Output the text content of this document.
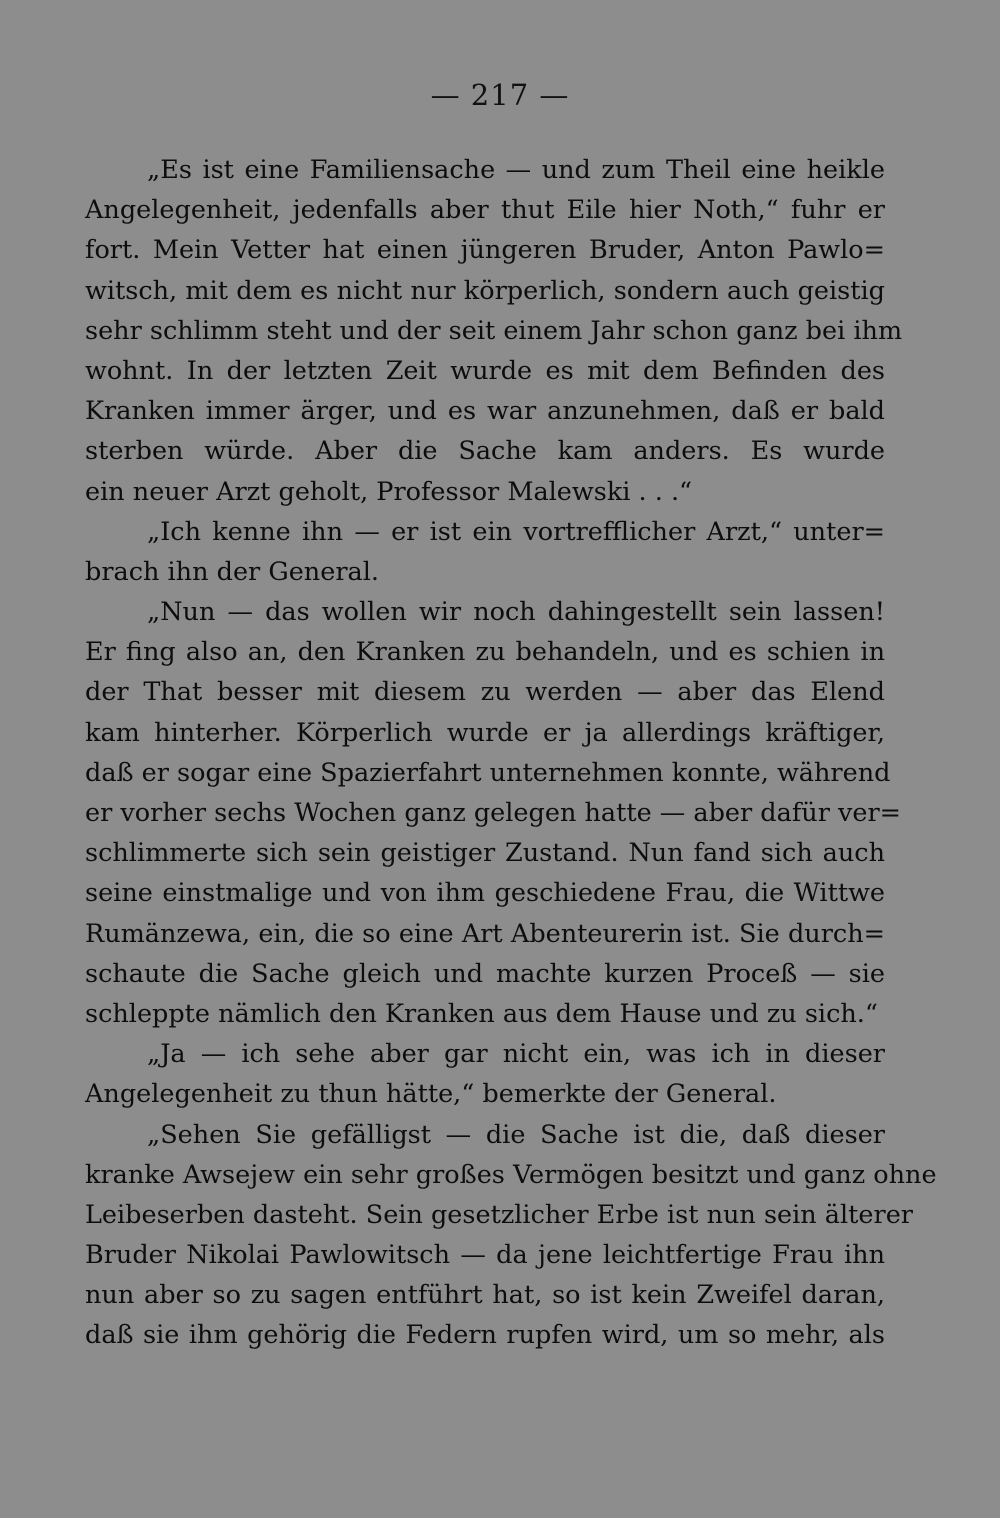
— 217 —
„Es ist eine Familiensache — und zum Theil eine heikle
Angelegenheit, jedenfalls aber thut Eile hier Noth,“ fuhr er
fort. Mein Vetter hat einen jüngeren Bruder, Anton Pawlo=
witsch, mit dem es nicht nur körperlich, sondern auch geistig
sehr schlimm steht und der seit einem Jahr schon ganz bei ihm
wohnt. In der letzten Zeit wurde es mit dem Befinden des
Kranken immer ärger, und es war anzunehmen, daß er bald
sterben würde. Aber die Sache kam anders. Es wurde
ein neuer Arzt geholt, Professor Malewski . . .“
„Ich kenne ihn — er ist ein vortrefflicher Arzt,“ unter=
brach ihn der General.
„Nun — das wollen wir noch dahingestellt sein lassen!
Er fing also an, den Kranken zu behandeln, und es schien in
der That besser mit diesem zu werden — aber das Elend
kam hinterher. Körperlich wurde er ja allerdings kräftiger,
daß er sogar eine Spazierfahrt unternehmen konnte, während
er vorher sechs Wochen ganz gelegen hatte — aber dafür ver=
schlimmerte sich sein geistiger Zustand. Nun fand sich auch
seine einstmalige und von ihm geschiedene Frau, die Wittwe
Rumänzewa, ein, die so eine Art Abenteurerin ist. Sie durch=
schaute die Sache gleich und machte kurzen Proceß — sie
schleppte nämlich den Kranken aus dem Hause und zu sich.“
„Ja — ich sehe aber gar nicht ein, was ich in dieser
Angelegenheit zu thun hätte,“ bemerkte der General.
„Sehen Sie gefälligst — die Sache ist die, daß dieser
kranke Awsejew ein sehr großes Vermögen besitzt und ganz ohne
Leibeserben dasteht. Sein gesetzlicher Erbe ist nun sein älterer
Bruder Nikolai Pawlowitsch — da jene leichtfertige Frau ihn
nun aber so zu sagen entführt hat, so ist kein Zweifel daran,
daß sie ihm gehörig die Federn rupfen wird, um so mehr, als
